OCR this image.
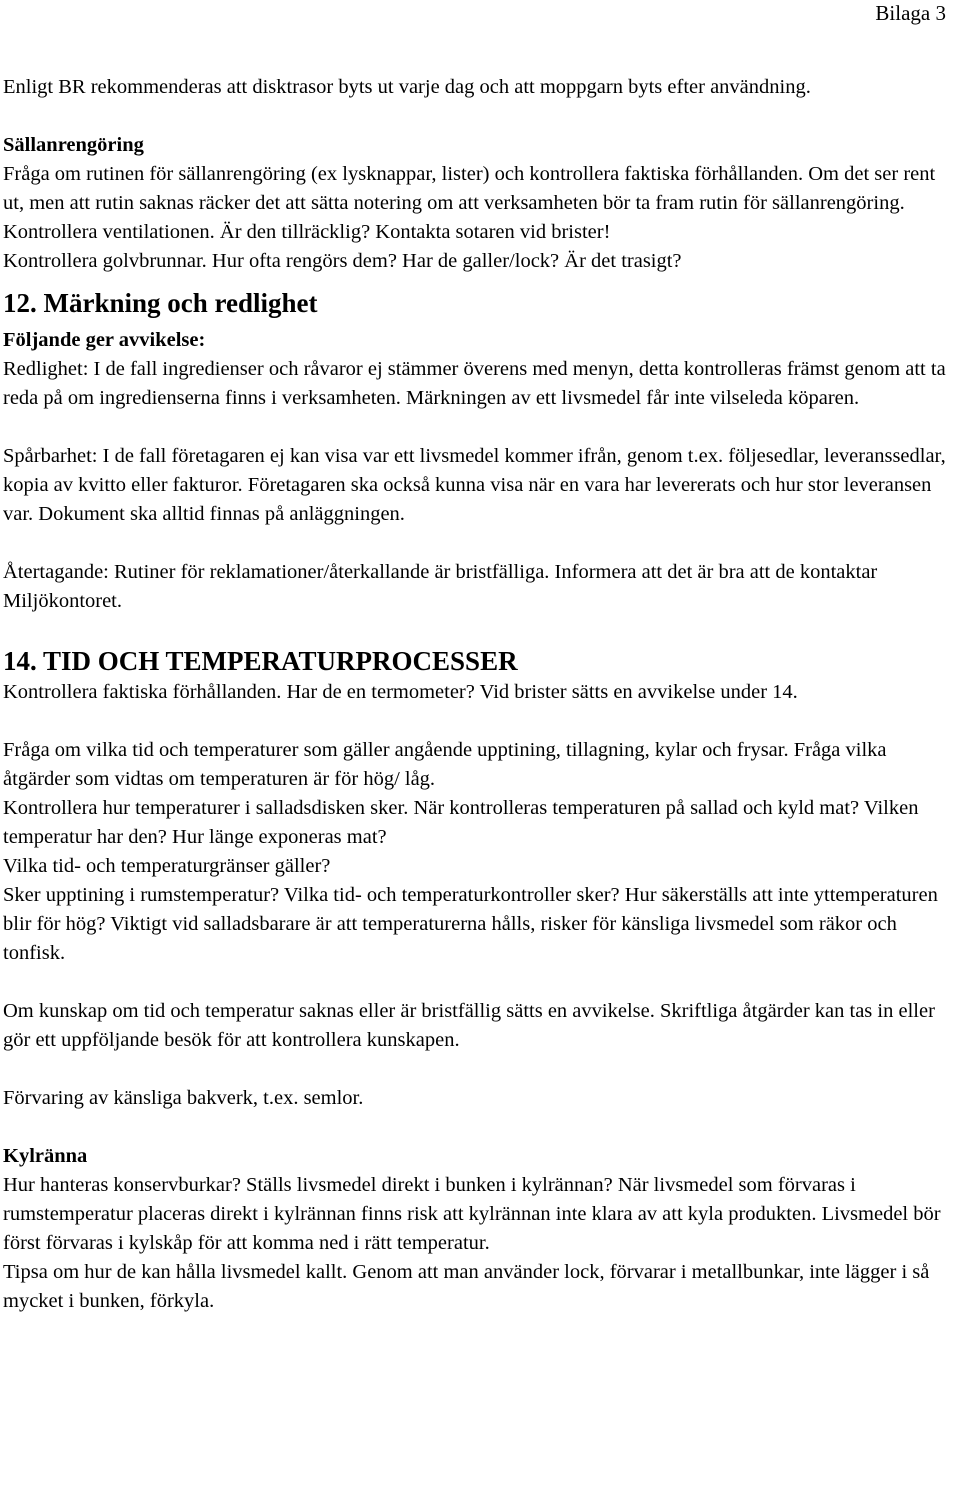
Bilaga 3

Enligt BR rekommenderas att disktrasor byts ut varje dag och att moppgarn byts efter användning.

Sällanrengöring

Fråga om rutinen för sällanrengöring (ex lysknappar, lister) och kontrollera faktiska förhållanden. Om det ser rent ut, men att rutin saknas räcker det att sätta notering om att verksamheten bör ta fram rutin för sällanrengöring.

Kontrollera ventilationen. Är den tillräcklig? Kontakta sotaren vid brister!

Kontrollera golvbrunnar. Hur ofta rengörs dem? Har de galler/lock? Är det trasigt?

12. Märkning och redlighet

Följande ger avvikelse:

Redlighet: I de fall ingredienser och råvaror ej stämmer överens med menyn, detta kontrolleras främst genom att ta reda på om ingredienserna finns i verksamheten. Märkningen av ett livsmedel får inte vilseleda köparen.

Spårbarhet: I de fall företagaren ej kan visa var ett livsmedel kommer ifrån, genom t.ex. följesedlar, leveranssedlar, kopia av kvitto eller fakturor. Företagaren ska också kunna visa när en vara har levererats och hur stor leveransen var. Dokument ska alltid finnas på anläggningen.

Återtagande: Rutiner för reklamationer/återkallande är bristfälliga. Informera att det är bra att de kontaktar Miljökontoret.

14. TID OCH TEMPERATURPROCESSER

Kontrollera faktiska förhållanden. Har de en termometer? Vid brister sätts en avvikelse under 14.

Fråga om vilka tid och temperaturer som gäller angående upptining, tillagning, kylar och frysar. Fråga vilka åtgärder som vidtas om temperaturen är för hög/ låg.

Kontrollera hur temperaturer i salladsdisken sker. När kontrolleras temperaturen på sallad och kyld mat? Vilken temperatur har den? Hur länge exponeras mat?

Vilka tid- och temperaturgränser gäller?

Sker upptining i rumstemperatur? Vilka tid- och temperaturkontroller sker? Hur säkerställs att inte yttemperaturen blir för hög? Viktigt vid salladsbarare är att temperaturerna hålls, risker för känsliga livsmedel som räkor och tonfisk.

Om kunskap om tid och temperatur saknas eller är bristfällig sätts en avvikelse. Skriftliga åtgärder kan tas in eller gör ett uppföljande besök för att kontrollera kunskapen.

Förvaring av känsliga bakverk, t.ex. semlor.

Kylränna

Hur hanteras konservburkar? Ställs livsmedel direkt i bunken i kylrännan? När livsmedel som förvaras i rumstemperatur placeras direkt i kylrännan finns risk att kylrännan inte klara av att kyla produkten. Livsmedel bör först förvaras i kylskåp för att komma ned i rätt temperatur.

Tipsa om hur de kan hålla livsmedel kallt. Genom att man använder lock, förvarar i metallbunkar, inte lägger i så mycket i bunken, förkyla.
